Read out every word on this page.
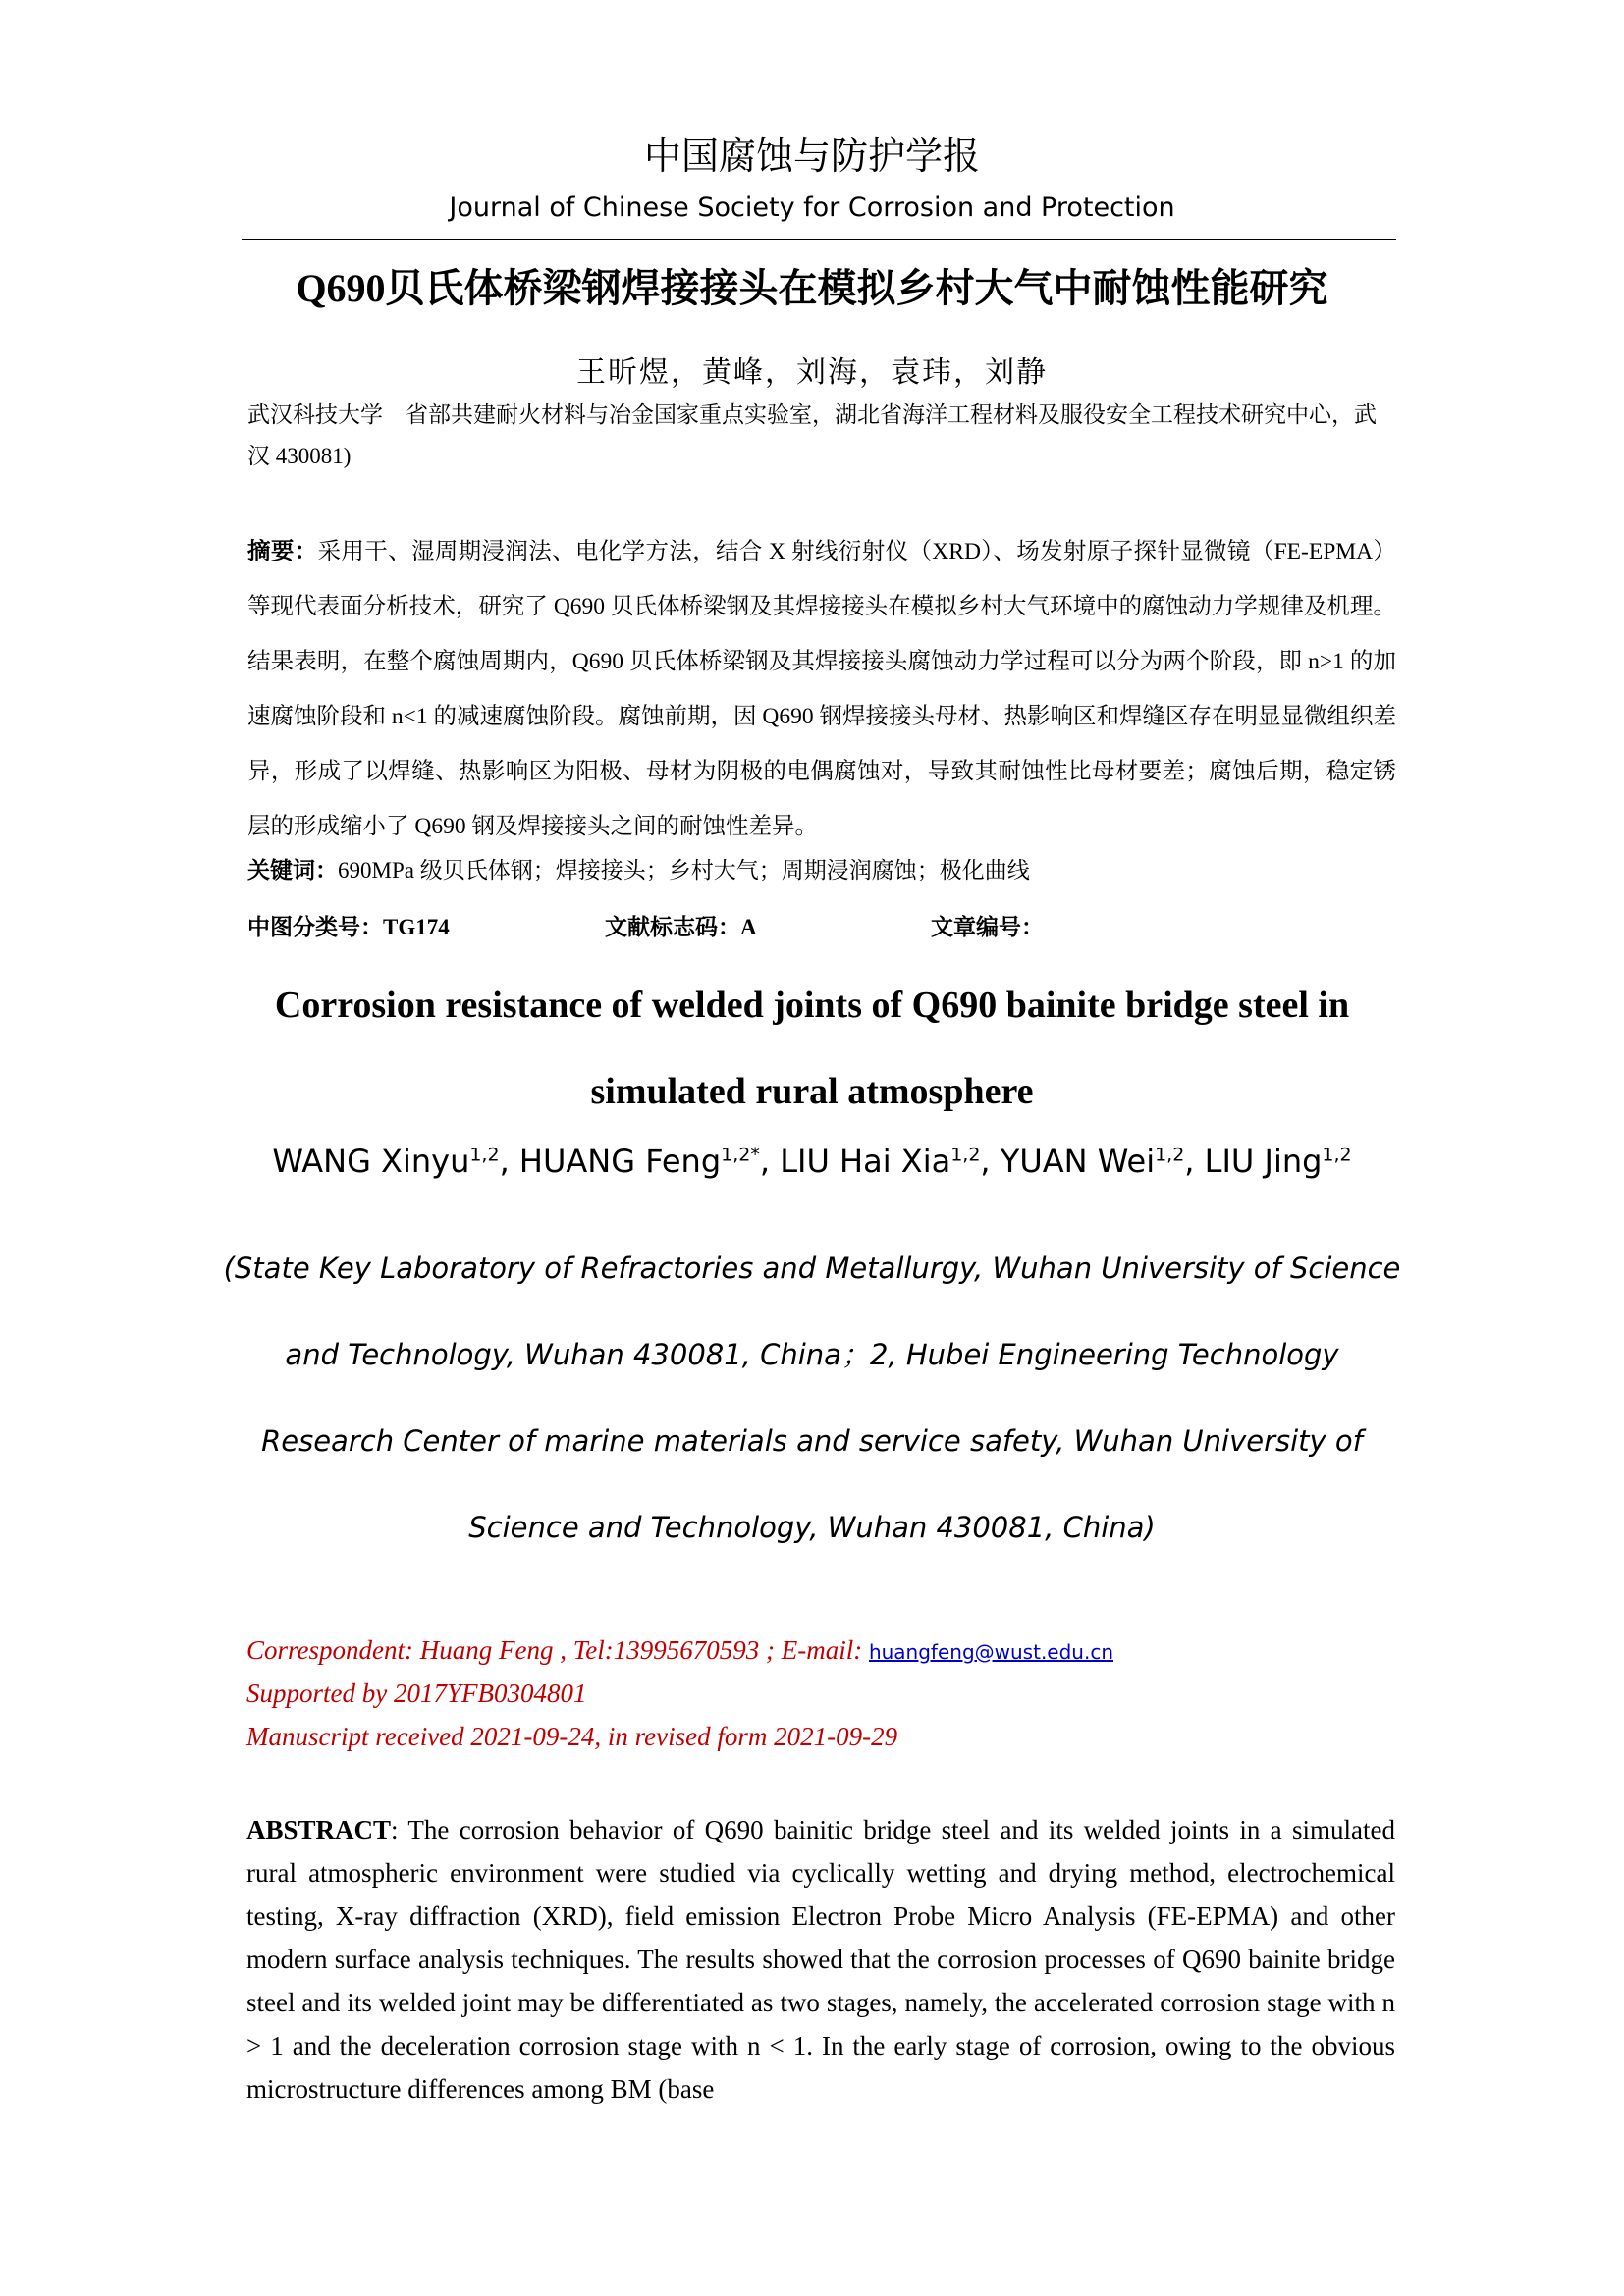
中国腐蚀与防护学报
Journal of Chinese Society for Corrosion and Protection
Q690贝氏体桥梁钢焊接接头在模拟乡村大气中耐蚀性能研究
王昕煜，黄峰，刘海，袁玮，刘静
武汉科技大学　省部共建耐火材料与冶金国家重点实验室，湖北省海洋工程材料及服役安全工程技术研究中心，武汉 430081)
摘要：采用干、湿周期浸润法、电化学方法，结合 X 射线衍射仪（XRD）、场发射原子探针显微镜（FE-EPMA）等现代表面分析技术，研究了 Q690 贝氏体桥梁钢及其焊接接头在模拟乡村大气环境中的腐蚀动力学规律及机理。结果表明，在整个腐蚀周期内，Q690 贝氏体桥梁钢及其焊接接头腐蚀动力学过程可以分为两个阶段，即 n>1 的加速腐蚀阶段和 n<1 的减速腐蚀阶段。腐蚀前期，因 Q690 钢焊接接头母材、热影响区和焊缝区存在明显显微组织差异，形成了以焊缝、热影响区为阳极、母材为阴极的电偶腐蚀对，导致其耐蚀性比母材要差；腐蚀后期，稳定锈层的形成缩小了 Q690 钢及焊接接头之间的耐蚀性差异。
关键词：690MPa 级贝氏体钢；焊接接头；乡村大气；周期浸润腐蚀；极化曲线
中图分类号：TG174	文献标志码：A	文章编号：
Corrosion resistance of welded joints of Q690 bainite bridge steel in simulated rural atmosphere
WANG Xinyu$^{1,2}$, HUANG Feng$^{1,2*}$, LIU Hai Xia$^{1,2}$, YUAN Wei$^{1,2}$, LIU Jing$^{1,2}$
(State Key Laboratory of Refractories and Metallurgy, Wuhan University of Science and Technology, Wuhan 430081, China；2, Hubei Engineering Technology Research Center of marine materials and service safety, Wuhan University of Science and Technology, Wuhan 430081, China)
Correspondent: Huang Feng , Tel:13995670593 ; E-mail: huangfeng@wust.edu.cn
Supported by 2017YFB0304801
Manuscript received 2021-09-24, in revised form 2021-09-29
ABSTRACT: The corrosion behavior of Q690 bainitic bridge steel and its welded joints in a simulated rural atmospheric environment were studied via cyclically wetting and drying method, electrochemical testing, X-ray diffraction (XRD), field emission Electron Probe Micro Analysis (FE-EPMA) and other modern surface analysis techniques. The results showed that the corrosion processes of Q690 bainite bridge steel and its welded joint may be differentiated as two stages, namely, the accelerated corrosion stage with n > 1 and the deceleration corrosion stage with n < 1. In the early stage of corrosion, owing to the obvious microstructure differences among BM (base
